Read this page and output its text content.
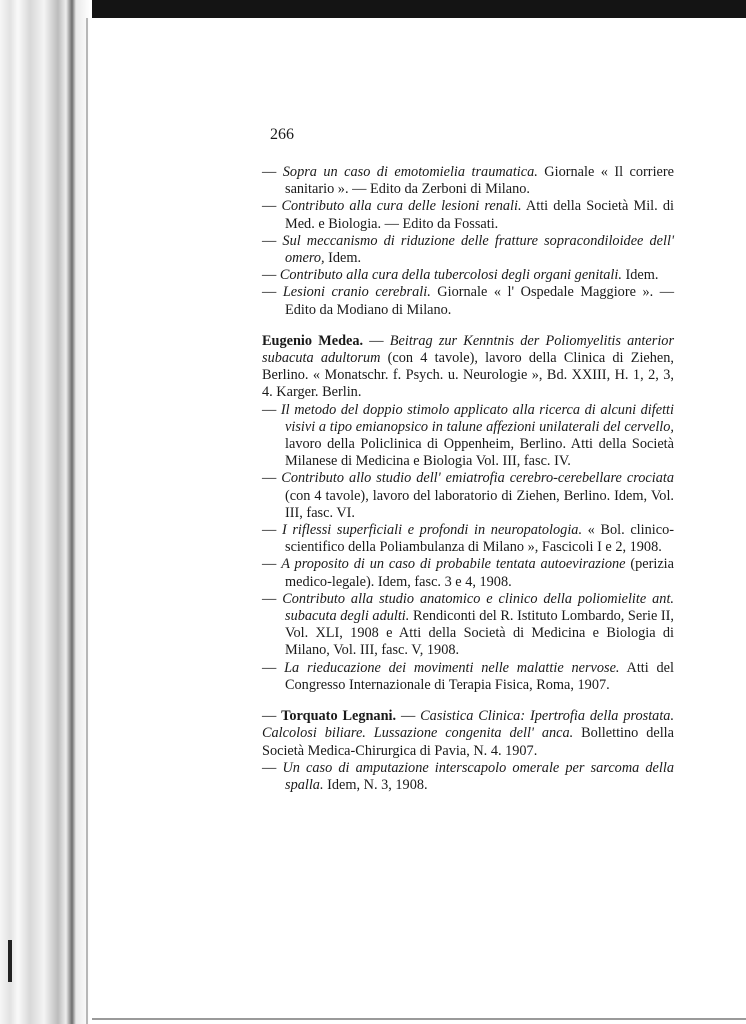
266

— Sopra un caso di emotomielia traumatica. Giornale « Il corriere sanitario ». — Edito da Zerboni di Milano.

— Contributo alla cura delle lesioni renali. Atti della Società Mil. di Med. e Biologia. — Edito da Fossati.

— Sul meccanismo di riduzione delle fratture sopracondiloidee dell' omero, Idem.

— Contributo alla cura della tubercolosi degli organi genitali. Idem.

— Lesioni cranio cerebrali. Giornale « l' Ospedale Maggiore ». — Edito da Modiano di Milano.

Eugenio Medea. — Beitrag zur Kenntnis der Poliomyelitis anterior subacuta adultorum (con 4 tavole), lavoro della Clinica di Ziehen, Berlino. « Monatschr. f. Psych. u. Neurologie », Bd. XXIII, H. 1, 2, 3, 4. Karger. Berlin.

— Il metodo del doppio stimolo applicato alla ricerca di alcuni difetti visivi a tipo emianopsico in talune affezioni unilaterali del cervello, lavoro della Policlinica di Oppenheim, Berlino. Atti della Società Milanese di Medicina e Biologia Vol. III, fasc. IV.

— Contributo allo studio dell' emiatrofia cerebro-cerebellare crociata (con 4 tavole), lavoro del laboratorio di Ziehen, Berlino. Idem, Vol. III, fasc. VI.

— I riflessi superficiali e profondi in neuropatologia. « Bol. clinico-scientifico della Poliambulanza di Milano », Fascicoli I e 2, 1908.

— A proposito di un caso di probabile tentata autoevirazione (perizia medico-legale). Idem, fasc. 3 e 4, 1908.

— Contributo alla studio anatomico e clinico della poliomielite ant. subacuta degli adulti. Rendiconti del R. Istituto Lombardo, Serie II, Vol. XLI, 1908 e Atti della Società di Medicina e Biologia di Milano, Vol. III, fasc. V, 1908.

— La rieducazione dei movimenti nelle malattie nervose. Atti del Congresso Internazionale di Terapia Fisica, Roma, 1907.

— Torquato Legnani. — Casistica Clinica: Ipertrofia della prostata. Calcolosi biliare. Lussazione congenita dell' anca. Bollettino della Società Medica-Chirurgica di Pavia, N. 4. 1907.

— Un caso di amputazione interscapolo omerale per sarcoma della spalla. Idem, N. 3, 1908.
